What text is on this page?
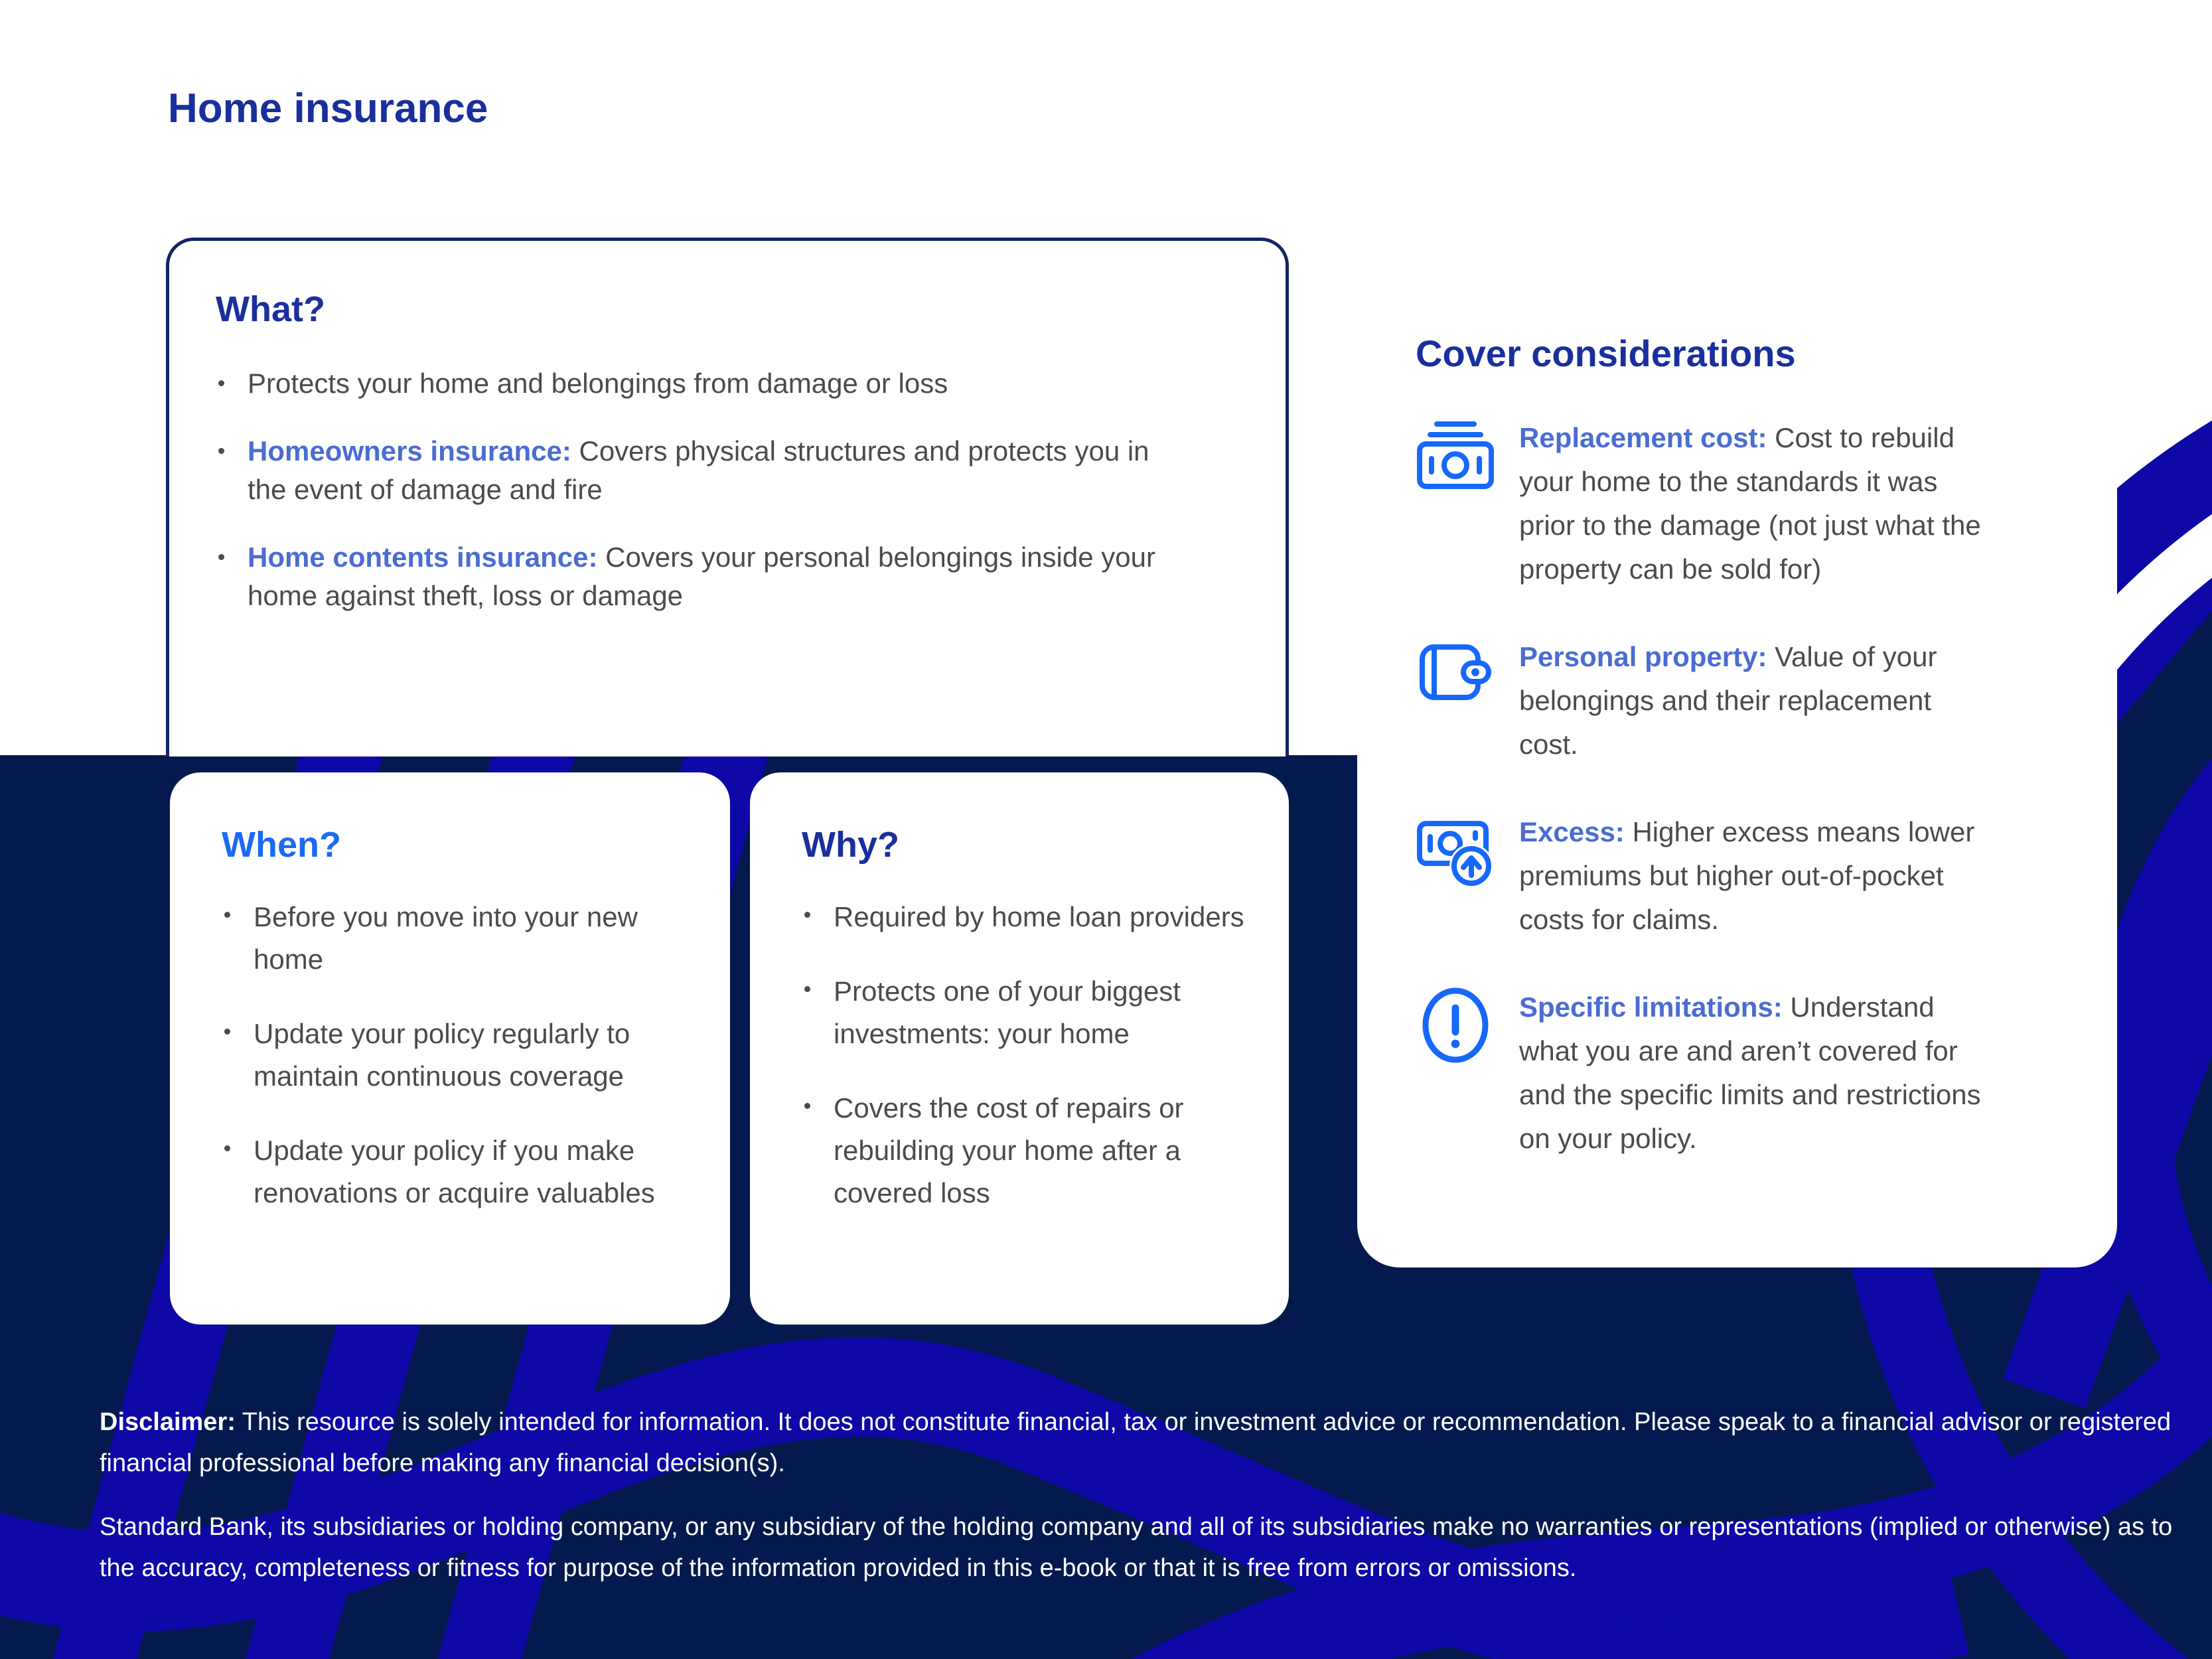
Home insurance
What?
Protects your home and belongings from damage or loss
Homeowners insurance: Covers physical structures and protects you in the event of damage and fire
Home contents insurance: Covers your personal belongings inside your home against theft, loss or damage
When?
Before you move into your new home
Update your policy regularly to maintain continuous coverage
Update your policy if you make renovations or acquire valuables
Why?
Required by home loan providers
Protects one of your biggest investments: your home
Covers the cost of repairs or rebuilding your home after a covered loss
Cover considerations

Replacement cost: Cost to rebuild your home to the standards it was prior to the damage (not just what the property can be sold for)

Personal property: Value of your belongings and their replacement cost.

Excess: Higher excess means lower premiums but higher out-of-pocket costs for claims.

Specific limitations: Understand what you are and aren’t covered for and the specific limits and restrictions on your policy.

Disclaimer: This resource is solely intended for information. It does not constitute financial, tax or investment advice or recommendation. Please speak to a financial advisor or registered financial professional before making any financial decision(s).

Standard Bank, its subsidiaries or holding company, or any subsidiary of the holding company and all of its subsidiaries make no warranties or representations (implied or otherwise) as to the accuracy, completeness or fitness for purpose of the information provided in this e-book or that it is free from errors or omissions.
